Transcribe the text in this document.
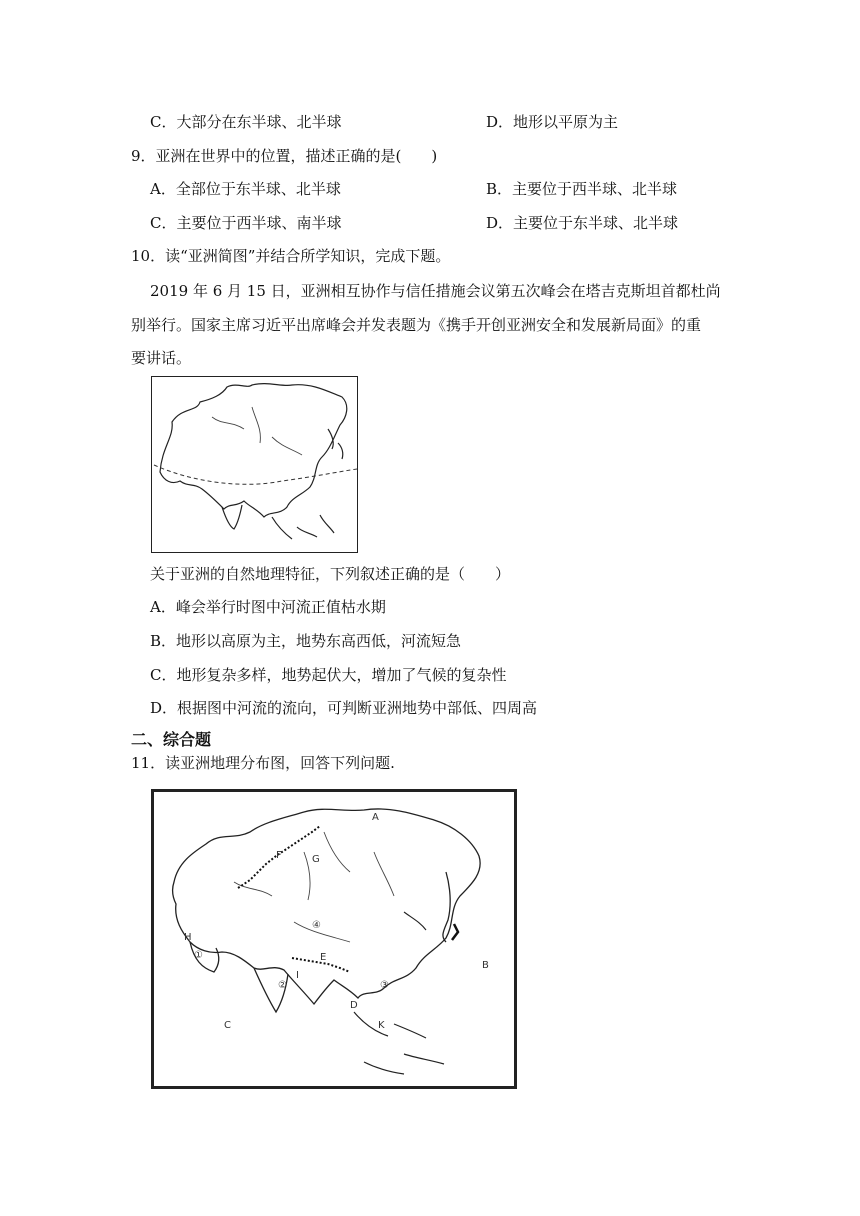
C．大部分在东半球、北半球	D．地形以平原为主
9．亚洲在世界中的位置，描述正确的是(　　)
A．全部位于东半球、北半球	B．主要位于西半球、北半球
C．主要位于西半球、南半球	D．主要位于东半球、北半球
10．读“亚洲简图”并结合所学知识，完成下题。
2019 年 6 月 15 日，亚洲相互协作与信任措施会议第五次峰会在塔吉克斯坦首都杜尚
别举行。国家主席习近平出席峰会并发表题为《携手开创亚洲安全和发展新局面》的重
要讲话。
关于亚洲的自然地理特征，下列叙述正确的是（　　）
A．峰会举行时图中河流正值枯水期
B．地形以高原为主，地势东高西低，河流短急
C．地形复杂多样，地势起伏大，增加了气候的复杂性
D．根据图中河流的流向，可判断亚洲地势中部低、四周高
二、综合题
11．读亚洲地理分布图，回答下列问题.
A
B
C
D
E
F	G
H
I
K
①
②	③
④
